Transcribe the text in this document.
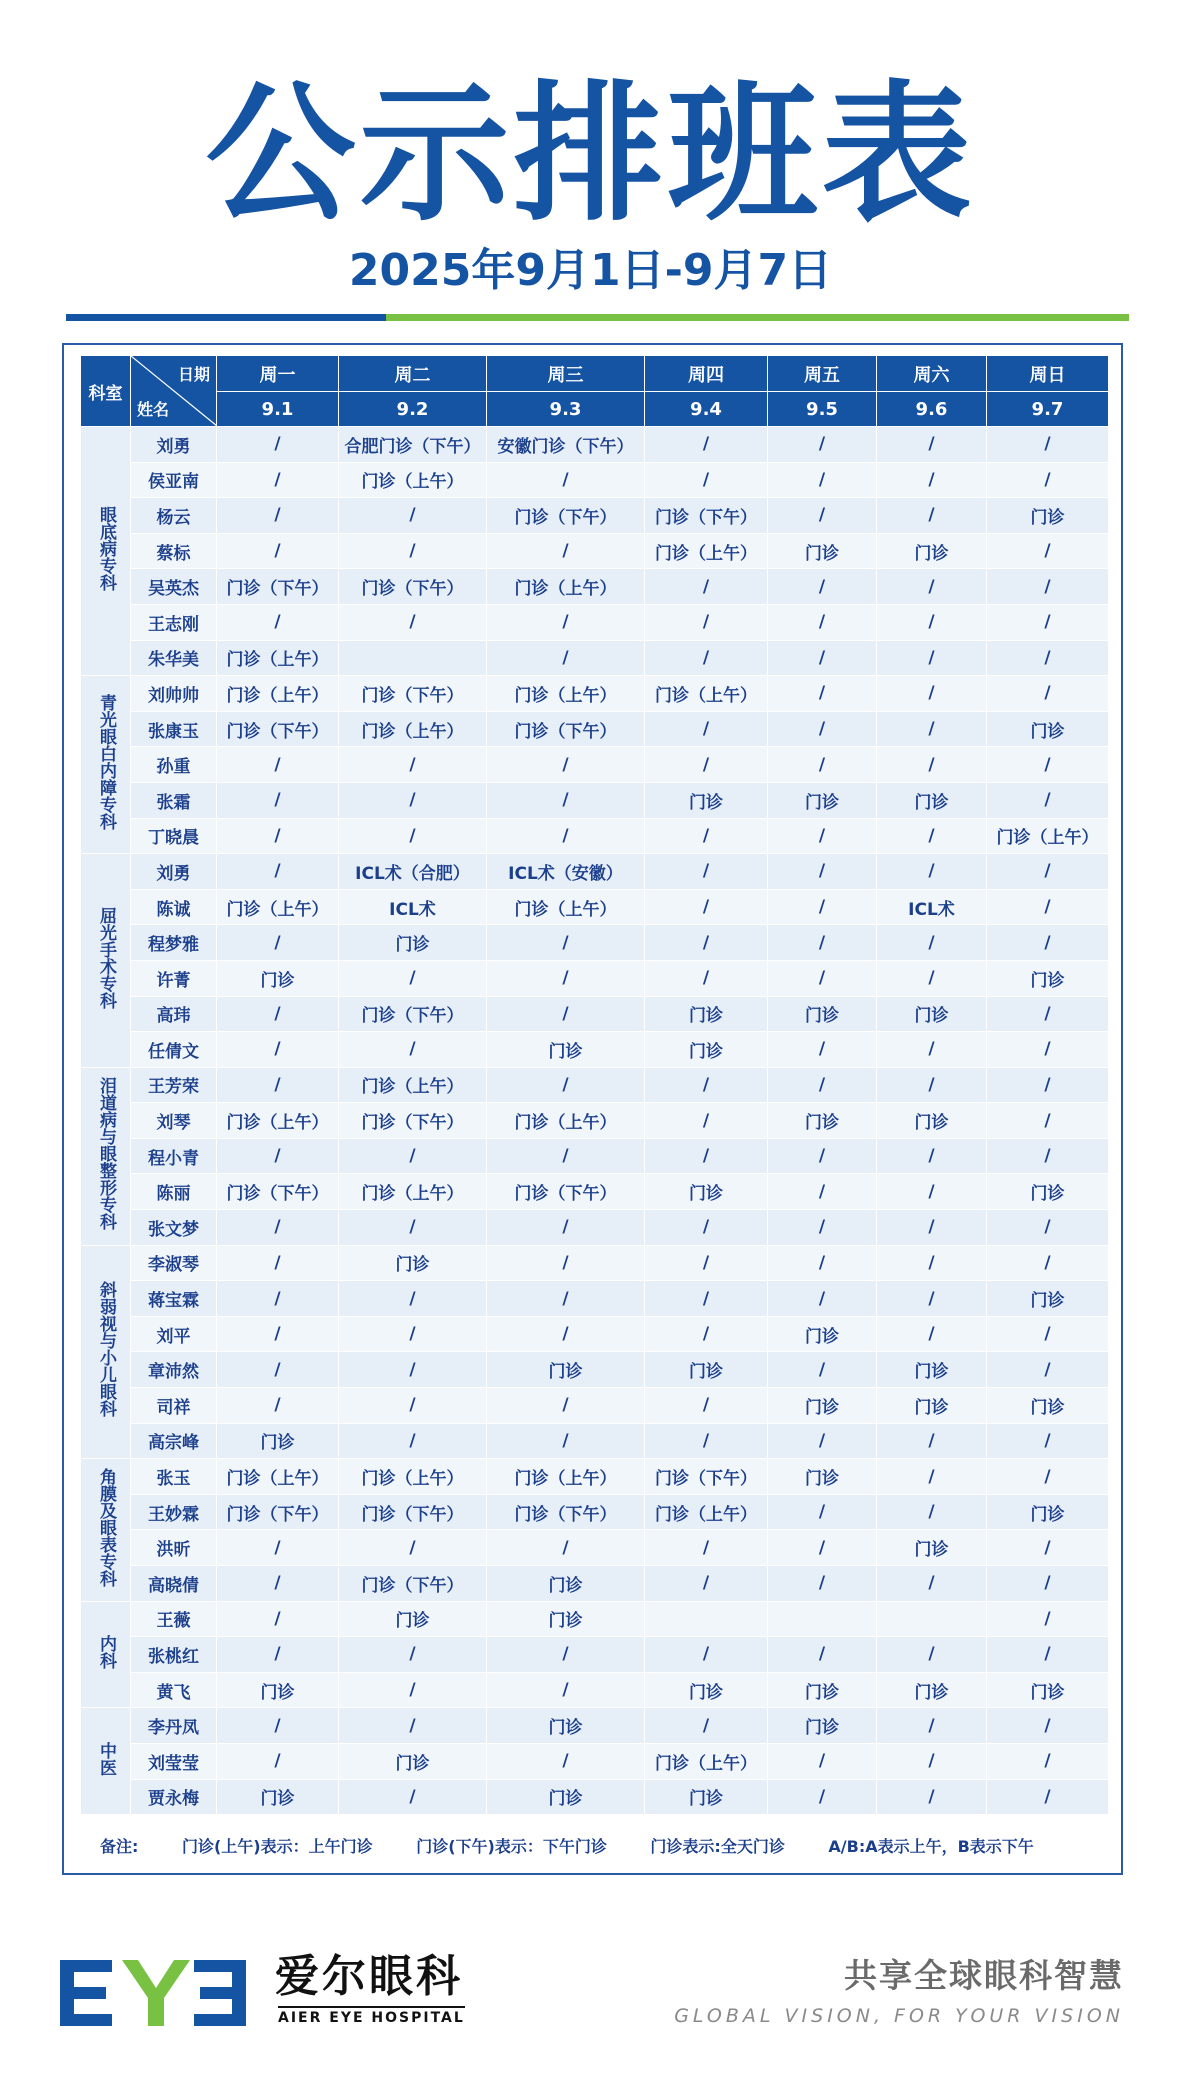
公示排班表
2025年9月1日-9月7日
科室	日期
姓名	周一	周二	周三	周四	周五	周六	周日
		9.1	9.2	9.3	9.4	9.5	9.6	9.7
眼底病专科	刘勇	/	合肥门诊（下午）	安徽门诊（下午）	/	/	/	/
	侯亚南	/	门诊（上午）	/	/	/	/	/
	杨云	/	/	门诊（下午）	门诊（下午）	/	/	门诊
	蔡标	/	/	/	门诊（上午）	门诊	门诊	/
	吴英杰	门诊（下午）	门诊（下午）	门诊（上午）	/	/	/	/
	王志刚	/	/	/	/	/	/	/
	朱华美	门诊（上午）		/	/	/	/	/
青光眼白内障专科	刘帅帅	门诊（上午）	门诊（下午）	门诊（上午）	门诊（上午）	/	/	/
	张康玉	门诊（下午）	门诊（上午）	门诊（下午）	/	/	/	门诊
	孙重	/	/	/	/	/	/	/
	张霜	/	/	/	门诊	门诊	门诊	/
	丁晓晨	/	/	/	/	/	/	门诊（上午）
屈光手术专科	刘勇	/	ICL术（合肥）	ICL术（安徽）	/	/	/	/
	陈诚	门诊（上午）	ICL术	门诊（上午）	/	/	ICL术	/
	程梦雅	/	门诊	/	/	/	/	/
	许菁	门诊	/	/	/	/	/	门诊
	高玮	/	门诊（下午）	/	门诊	门诊	门诊	/
	任倩文	/	/	门诊	门诊	/	/	/
泪道病与眼整形专科	王芳荣	/	门诊（上午）	/	/	/	/	/
	刘琴	门诊（上午）	门诊（下午）	门诊（上午）	/	门诊	门诊	/
	程小青	/	/	/	/	/	/	/
	陈丽	门诊（下午）	门诊（上午）	门诊（下午）	门诊	/	/	门诊
	张文梦	/	/	/	/	/	/	/
斜弱视与小儿眼科	李淑琴	/	门诊	/	/	/	/	/
	蒋宝霖	/	/	/	/	/	/	门诊
	刘平	/	/	/	/	门诊	/	/
	章沛然	/	/	门诊	门诊	/	门诊	/
	司祥	/	/	/	/	门诊	门诊	门诊
	高宗峰	门诊	/	/	/	/	/	/
角膜及眼表专科	张玉	门诊（上午）	门诊（上午）	门诊（上午）	门诊（下午）	门诊	/	/
	王妙霖	门诊（下午）	门诊（下午）	门诊（下午）	门诊（上午）	/	/	门诊
	洪昕	/	/	/	/	/	门诊	/
	高晓倩	/	门诊（下午）	门诊	/	/	/	/
内科	王薇	/	门诊	门诊				/
	张桃红	/	/	/	/	/	/	/
	黄飞	门诊	/	/	门诊	门诊	门诊	门诊
中医	李丹凤	/	/	门诊	/	门诊	/	/
	刘莹莹	/	门诊	/	门诊（上午）	/	/	/
	贾永梅	门诊	/	门诊	门诊	/	/	/
备注:	门诊(上午)表示：上午门诊	门诊(下午)表示：下午门诊	门诊表示:全天门诊	A/B:A表示上午，B表示下午
爱尔眼科
AIER EYE HOSPITAL
共享全球眼科智慧
GLOBAL VISION, FOR YOUR VISION
